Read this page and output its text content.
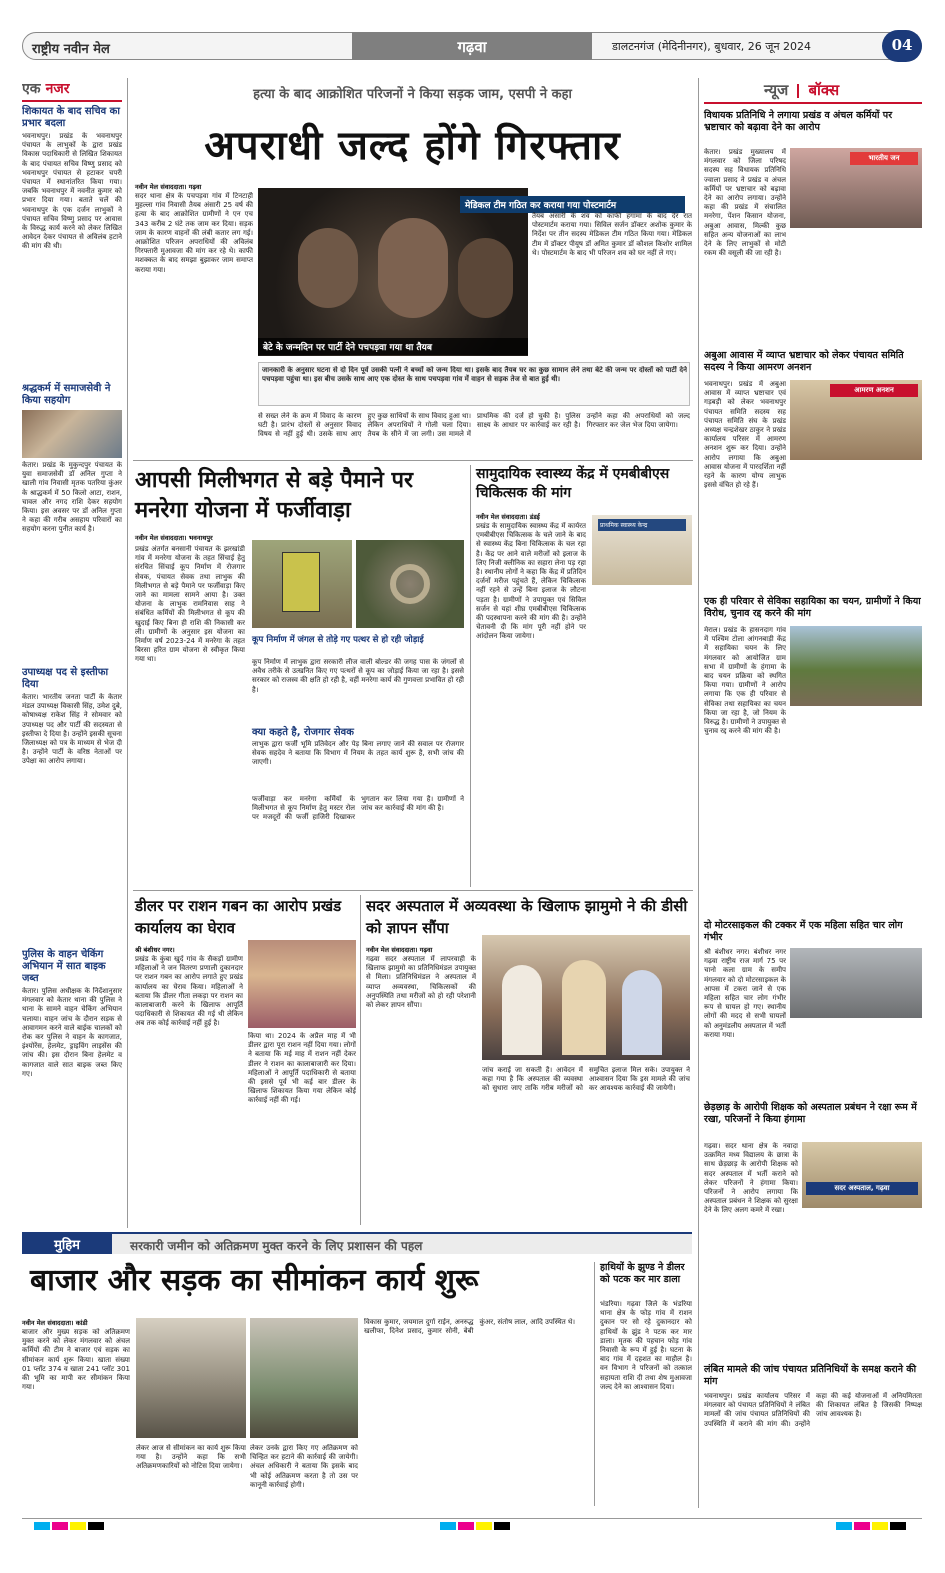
राष्ट्रीय नवीन मेल	गढ़वा	डालटनगंज (मेदिनीनगर), बुधवार, 26 जून 2024	04
एक नजर
शिकायत के बाद सचिव का प्रभार बदला
भवनाथपुर। प्रखंड के भवनाथपुर पंचायत के लाभुकों के द्वारा प्रखंड विकास पदाधिकारी से लिखित शिकायत के बाद पंचायत सचिव विष्णु प्रसाद को भवनाथपुर पंचायत से हटाकर चपरी पंचायत में स्थानांतरित किया गया। जबकि भवनाथपुर में नवनीत कुमार को प्रभार दिया गया। बताते चलें की भवनाथपुर के एक दर्जन लाभुकों ने पंचायत सचिव विष्णु प्रसाद पर आवास के विरुद्ध कार्य करने को लेकर लिखित आवेदन देकर पंचायत से अविलंब हटाने की मांग की थी।
श्रद्धकर्म में समाजसेवी ने किया सहयोग
केतार। प्रखंड के मुकुन्दपुर पंचायत के युवा समाजसेवी डॉ अनिल गुप्ता ने खाली गांव निवासी मृतक पतरिया कुंअर के श्राद्धकर्म में 50 किलो आटा, राशन, चावल और नगद राशि देकर सहयोग किया। इस अवसर पर डॉ अनिल गुप्ता ने कहा की गरीब असहाय परिवारों का सहयोग करना पुनीत कार्य है।
उपाध्यक्ष पद से इस्तीफा दिया
केतार। भारतीय जनता पार्टी के केतार मंडल उपाध्यक्ष विकासी सिंह, उमेश दुबे, कोषाध्यक्ष राकेश सिंह ने सोमवार को उपाध्यक्ष पद और पार्टी की सदस्यता से इस्तीफा दे दिया है। उन्होंने इसकी सूचना जिलाध्यक्ष को पत्र के माध्यम से भेज दी है। उन्होंने पार्टी के वरिष्ठ नेताओं पर उपेक्षा का आरोप लगाया।
पुलिस के वाहन चेकिंग अभियान में सात बाइक जब्त
केतार। पुलिस अधीक्षक के निर्देशानुसार मंगलवार को केतार थाना की पुलिस ने थाना के सामने वाहन चेकिंग अभियान चलाया। वाहन जांच के दौरान सड़क से आवागमन करने वाले बाईक चालकों को रोक कर पुलिस ने वाहन के कागजात, इंश्योरेंस, हेलमेट, ड्राइविंग लाइसेंस की जांच की। इस दौरान बिना हेलमेट व कागजात वाले सात बाइक जब्त किए गए।
हत्या के बाद आक्रोशित परिजनों ने किया सड़क जाम, एसपी ने कहा
अपराधी जल्द होंगे गिरफ्तार
नवीन मेल संवाददाता। गढ़वा
सदर थाना क्षेत्र के पचपड़वा गांव में टिनटाही मुहल्ला गांव निवासी तैयब अंसारी 25 वर्ष की हत्या के बाद आक्रोशित ग्रामीणों ने एन एच 343 करीब 2 घंटे तक जाम कर दिया। सड़क जाम के कारण वाहनों की लंबी कतार लग गई। आक्रोशित परिजन अपराधियों की अविलंब गिरफ्तारी मुआवजा की मांग कर रहे थे। काफी मशक्कत के बाद समझा बुझाकर जाम समाप्त कराया गया।
मेडिकल टीम गठित कर कराया गया पोस्टमार्टम
बेटे के जन्मदिन पर पार्टी देने पचपड़वा गया था तैयब
तैयब अंसारी के शव को काफी हंगामा के बाद देर रात पोस्टमार्टम कराया गया। सिविल सर्जन डॉक्टर अशोक कुमार के निर्देश पर तीन सदस्य मेडिकल टीम गठित किया गया। मेडिकल टीम में डॉक्टर पीयूष डॉ अमित कुमार डॉ कौशल किशोर शामिल थे। पोस्टमार्टम के बाद भी परिजन शव को घर नहीं ले गए।
जानकारी के अनुसार घटना से दो दिन पूर्व उसकी पत्नी ने बच्चों को जन्म दिया था। इसके बाद तैयब घर का कुछ सामान लेने तथा बेटे की जन्म पर दोस्तों को पार्टी देने पचपड़वा पहुंचा था। इस बीच उसके साथ आए एक दोस्त के साथ पचपड़वा गांव में वाहन से सड़क तेज से बात हुई थी।
से सख्त लेने के क्रम में विवाद के कारण घटी है। प्रारंभ दोस्तों से अनुसार विवाद विषय से नहीं हुई थी। उसके साथ आए हुए कुछ साथियों के साथ विवाद हुआ था। लेकिन अपराधियों ने गोली चला दिया। तैयब के सीने में जा लगी। उस मामले में प्राथमिक की दर्ज हो चुकी है। पुलिस साक्ष्य के आधार पर कार्रवाई कर रही है। उन्होंने कहा की अपराधियों को जल्द गिरफ्तार कर जेल भेज दिया जायेगा।
आपसी मिलीभगत से बड़े पैमाने पर मनरेगा योजना में फर्जीवाड़ा
नवीन मेल संवाददाता। भवनाथपुर
प्रखंड अंतर्गत बनसानी पंचायत के झरखांडी गांव में मनरेगा योजना के तहत सिंचाई हेतु संरचित सिंचाई कूप निर्माण में रोजगार सेवक, पंचायत सेवक तथा लाभुक की मिलीभगत से बड़े पैमाने पर फर्जीवाड़ा किए जाने का मामला सामने आया है। उक्त योजना के लाभुक रामनिवास साह ने संबंधित कर्मियों की मिलीभगत से कूप की खुदाई किए बिना ही राशि की निकासी कर ली। ग्रामीणों के अनुसार इस योजना का निर्माण वर्ष 2023-24 में मनरेगा के तहत बिरसा हरित ग्राम योजना से स्वीकृत किया गया था।
कूप निर्माण में जंगल से तोड़े गए पत्थर से हो रही जोड़ाई
कूप निर्माण में लाभुक द्वारा सरकारी लीज वाली बोल्डर की जगह पास के जंगलों से अवैध तरीके से उत्खनित किए गए पत्थरों से कूप का जोड़ाई किया जा रहा है। इससे सरकार को राजस्व की क्षति हो रही है, वहीं मनरेगा कार्य की गुणवत्ता प्रभावित हो रही है।
क्या कहते है, रोजगार सेवक
लाभुक द्वारा फर्जी भूमि प्रतिवेदन और पेड़ बिना लगाए जाने की सवाल पर रोजगार सेवक सहदेव ने बताया कि विभाग में नियम के तहत कार्य शुरू है, सभी जांच की जाएगी।
फर्जीवाड़ा कर मनरेगा कर्मियों के मिलीभगत से कूप निर्माण हेतु मस्टर रोल पर मजदूरों की फर्जी हाजिरी दिखाकर भुगतान कर लिया गया है। ग्रामीणों ने जांच कर कार्रवाई की मांग की है।
सामुदायिक स्वास्थ्य केंद्र में एमबीबीएस चिकित्सक की मांग
नवीन मेल संवाददाता। डंडई
प्रखंड के सामुदायिक स्वास्थ्य केंद्र में कार्यरत एमबीबीएस चिकित्सक के चले जाने के बाद से स्वास्थ्य केंद्र बिना चिकित्सक के चल रहा है। केंद्र पर आने वाले मरीजों को इलाज के लिए निजी क्लीनिक का सहारा लेना पड़ रहा है। स्थानीय लोगों ने कहा कि केंद्र में प्रतिदिन दर्जनों मरीज पहुंचते हैं, लेकिन चिकित्सक नहीं रहने से उन्हें बिना इलाज के लौटना पड़ता है। ग्रामीणों ने उपायुक्त एवं सिविल सर्जन से यहां शीघ्र एमबीबीएस चिकित्सक की पदस्थापना करने की मांग की है। उन्होंने चेतावनी दी कि मांग पूरी नहीं होने पर आंदोलन किया जायेगा।
प्राथमिक स्वास्थ्य केन्द्र
डीलर पर राशन गबन का आरोप प्रखंड कार्यालय का घेराव
श्री बंशीधर नगर।
प्रखंड के कुंबा खुर्द गांव के सैकड़ों ग्रामीण महिलाओं ने जन वितरण प्रणाली दुकानदार पर राशन गबन का आरोप लगाते हुए प्रखंड कार्यालय का घेराव किया। महिलाओं ने बताया कि डीलर गीता लकड़ा पर राशन का कालाबाजारी करने के खिलाफ आपूर्ति पदाधिकारी से शिकायत की गई थी लेकिन अब तक कोई कार्रवाई नहीं हुई है।
किया था। 2024 के अप्रैल माह में भी डीलर द्वारा पूरा राशन नहीं दिया गया। लोगों ने बताया कि मई माह में राशन नहीं देकर डीलर ने राशन का कालाबाजारी कर दिया। महिलाओं ने आपूर्ति पदाधिकारी से बताया की इससे पूर्व भी कई बार डीलर के खिलाफ शिकायत किया गया लेकिन कोई कार्रवाई नहीं की गई।
सदर अस्पताल में अव्यवस्था के खिलाफ झामुमो ने की डीसी को ज्ञापन सौंपा
नवीन मेल संवाददाता। गढ़वा
गढ़वा सदर अस्पताल में लापरवाही के खिलाफ झामुमो का प्रतिनिधिमंडल उपायुक्त से मिला। प्रतिनिधिमंडल ने अस्पताल में व्याप्त अव्यवस्था, चिकित्सकों की अनुपस्थिति तथा मरीजों को हो रही परेशानी को लेकर ज्ञापन सौंपा।
जांच कराई जा सकती है। आवेदन में कहा गया है कि अस्पताल की व्यवस्था को सुधारा जाए ताकि गरीब मरीजों को समुचित इलाज मिल सके। उपायुक्त ने आश्वासन दिया कि इस मामले की जांच कर आवश्यक कार्रवाई की जायेगी।
मुहिम	सरकारी जमीन को अतिक्रमण मुक्त करने के लिए प्रशासन की पहल
बाजार और सड़क का सीमांकन कार्य शुरू
नवीन मेल संवाददाता। कांडी
बाजार और मुख्य सड़क को अतिक्रमण मुक्त करने को लेकर मंगलवार को अंचल कर्मियों की टीम ने बाजार एवं सड़क का सीमांकन कार्य शुरू किया। खाता संख्या 01 प्लॉट 374 व खाता 241 प्लॉट 301 की भूमि का मापी कर सीमांकन किया गया।
लेकर आज से सीमांकन का कार्य शुरू किया गया है। उन्होंने कहा कि सभी अतिक्रमणकारियों को नोटिस दिया जायेगा।
लेकर उनके द्वारा किए गए अतिक्रमण को चिन्हित कर हटाने की कार्रवाई की जायेगी। अंचल अधिकारी ने बताया कि इसके बाद भी कोई अतिक्रमण करता है तो उस पर कानूनी कार्रवाई होगी।
विकास कुमार, जयमाल दुर्गा राईन, अनरुद्ध खलीफा, दिनेश प्रसाद, कुमार सोनी, बेबी कुंअर, संतोष लाल, आदि उपस्थित थे।
हाथियों के झुण्ड ने डीलर को पटक कर मार डाला
भंडरिया। गढ़वा जिले के भंडरिया थाना क्षेत्र के फोड़ गांव में राशन दुकान पर सो रहे दुकानदार को हाथियों के झुंड ने पटक कर मार डाला। मृतक की पहचान फोड़ गांव निवासी के रूप में हुई है। घटना के बाद गांव में दहशत का माहौल है। वन विभाग ने परिजनों को तत्काल सहायता राशि दी तथा शेष मुआवजा जल्द देने का आश्वासन दिया।
न्यूज बॉक्स
विधायक प्रतिनिधि ने लगाया प्रखंड व अंचल कर्मियों पर भ्रष्टाचार को बढ़ावा देने का आरोप
भारतीय जन
केतार। प्रखंड मुख्यालय में मंगलवार को जिला परिषद सदस्य सह विधायक प्रतिनिधि ज्वाला प्रसाद ने प्रखंड व अंचल कर्मियों पर भ्रष्टाचार को बढ़ावा देने का आरोप लगाया। उन्होंने कहा की प्रखंड में संचालित मनरेगा, पेंशन किसान योजना, अबुआ आवास, मिल्की कुछ सहित अन्य योजनाओं का लाभ देने के लिए लाभुकों से मोटी रकम की वसूली की जा रही है।
अबुआ आवास में व्याप्त भ्रष्टाचार को लेकर पंचायत समिति सदस्य ने किया आमरण अनशन
भवनाथपुर। प्रखंड में अबुआ आवास में व्याप्त भ्रष्टाचार एवं गड़बड़ी को लेकर भवनाथपुर पंचायत समिति सदस्य सह पंचायत समिति संघ के प्रखंड अध्यक्ष चन्द्रशेखर ठाकुर ने प्रखंड कार्यालय परिसर में आमरण अनशन शुरू कर दिया। उन्होंने आरोप लगाया कि अबुआ आवास योजना में पारदर्शिता नहीं रहने के कारण योग्य लाभुक इससे वंचित हो रहे हैं।
आमरण अनशन
एक ही परिवार से सेविका सहायिका का चयन, ग्रामीणों ने किया विरोध, चुनाव रद्द करने की मांग
मेराल। प्रखंड के हासनदाग गांव में पश्चिम टोला आंगनबाड़ी केंद्र में सहायिका चयन के लिए मंगलवार को आयोजित ग्राम सभा में ग्रामीणों के हंगामा के बाद चयन प्रक्रिया को स्थगित किया गया। ग्रामीणों ने आरोप लगाया कि एक ही परिवार से सेविका तथा सहायिका का चयन किया जा रहा है, जो नियम के विरुद्ध है। ग्रामीणों ने उपायुक्त से चुनाव रद्द करने की मांग की है।
दो मोटरसाइकल की टक्कर में एक महिला सहित चार लोग गंभीर
श्री बंशीधर नगर। बंशीधर नगर गढ़वा राष्ट्रीय राज मार्ग 75 पर चानो कला ग्राम के समीप मंगलवार को दो मोटरसाइकल के आपस में टकरा जाने से एक महिला सहित चार लोग गंभीर रूप से घायल हो गए। स्थानीय लोगों की मदद से सभी घायलों को अनुमंडलीय अस्पताल में भर्ती कराया गया।
छेड़छाड़ के आरोपी शिक्षक को अस्पताल प्रबंधन ने रक्षा रूम में रखा, परिजनों ने किया हंगामा
गढ़वा। सदर थाना क्षेत्र के नवादा उत्क्रमित मध्य विद्यालय के छात्रा के साथ छेड़छाड़ के आरोपी शिक्षक को सदर अस्पताल में भर्ती कराने को लेकर परिजनों ने हंगामा किया। परिजनों ने आरोप लगाया कि अस्पताल प्रबंधन ने शिक्षक को सुरक्षा देने के लिए अलग कमरे में रखा।
सदर अस्पताल, गढ़वा
लंबित मामले की जांच पंचायत प्रतिनिधियों के समक्ष कराने की मांग
भवनाथपुर। प्रखंड कार्यालय परिसर में मंगलवार को पंचायत प्रतिनिधियों ने लंबित मामलों की जांच पंचायत प्रतिनिधियों की उपस्थिति में कराने की मांग की। उन्होंने कहा की कई योजनाओं में अनियमितता की शिकायत लंबित है जिसकी निष्पक्ष जांच आवश्यक है।
